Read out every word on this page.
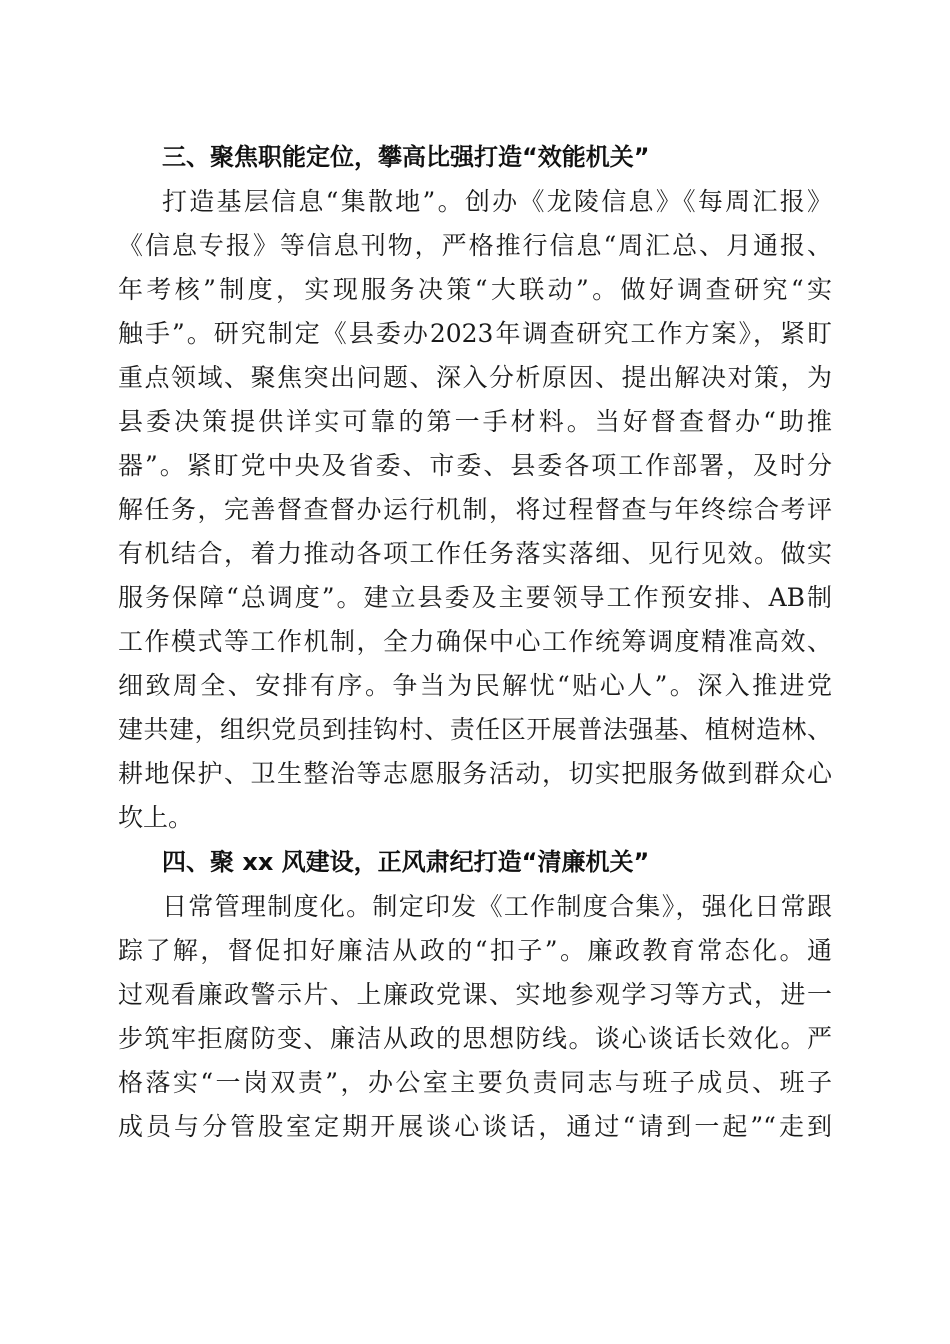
三、聚焦职能定位，攀高比强打造“效能机关”
打造基层信息“集散地”。创办《龙陵信息》《每周汇报》
《信息专报》等信息刊物，严格推行信息“周汇总、月通报、
年考核”制度，实现服务决策“大联动”。做好调查研究“实
触手”。研究制定《县委办2023年调查研究工作方案》，紧盯
重点领域、聚焦突出问题、深入分析原因、提出解决对策，为
县委决策提供详实可靠的第一手材料。当好督查督办“助推
器”。紧盯党中央及省委、市委、县委各项工作部署，及时分
解任务，完善督查督办运行机制，将过程督查与年终综合考评
有机结合，着力推动各项工作任务落实落细、见行见效。做实
服务保障“总调度”。建立县委及主要领导工作预安排、AB制
工作模式等工作机制，全力确保中心工作统筹调度精准高效、
细致周全、安排有序。争当为民解忧“贴心人”。深入推进党
建共建，组织党员到挂钩村、责任区开展普法强基、植树造林、
耕地保护、卫生整治等志愿服务活动，切实把服务做到群众心
坎上。
四、聚 xx 风建设，正风肃纪打造“清廉机关”
日常管理制度化。制定印发《工作制度合集》，强化日常跟
踪了解，督促扣好廉洁从政的“扣子”。廉政教育常态化。通
过观看廉政警示片、上廉政党课、实地参观学习等方式，进一
步筑牢拒腐防变、廉洁从政的思想防线。谈心谈话长效化。严
格落实“一岗双责”，办公室主要负责同志与班子成员、班子
成员与分管股室定期开展谈心谈话，通过“请到一起”“走到
